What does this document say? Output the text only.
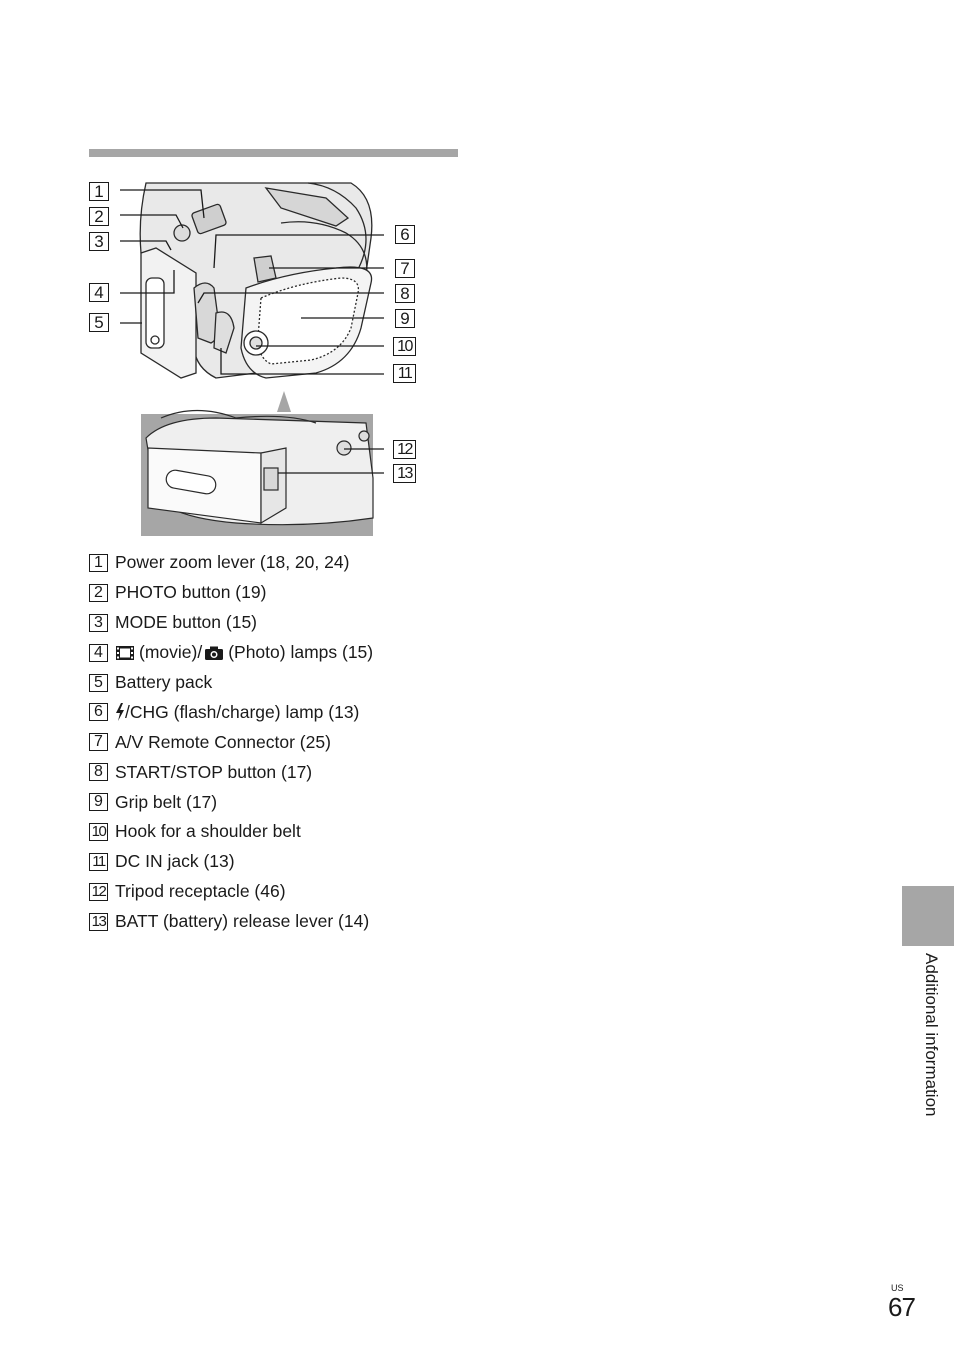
1
2
3
4
5
6
7
8
9
10
11
12
13
1 Power zoom lever (18, 20, 24)
2 PHOTO button (19)
3 MODE button (15)
4 (movie)/ (Photo) lamps (15)
5 Battery pack
6 /CHG (flash/charge) lamp (13)
7 A/V Remote Connector (25)
8 START/STOP button (17)
9 Grip belt (17)
10 Hook for a shoulder belt
11 DC IN jack (13)
12 Tripod receptacle (46)
13 BATT (battery) release lever (14)
Additional information
US
67
